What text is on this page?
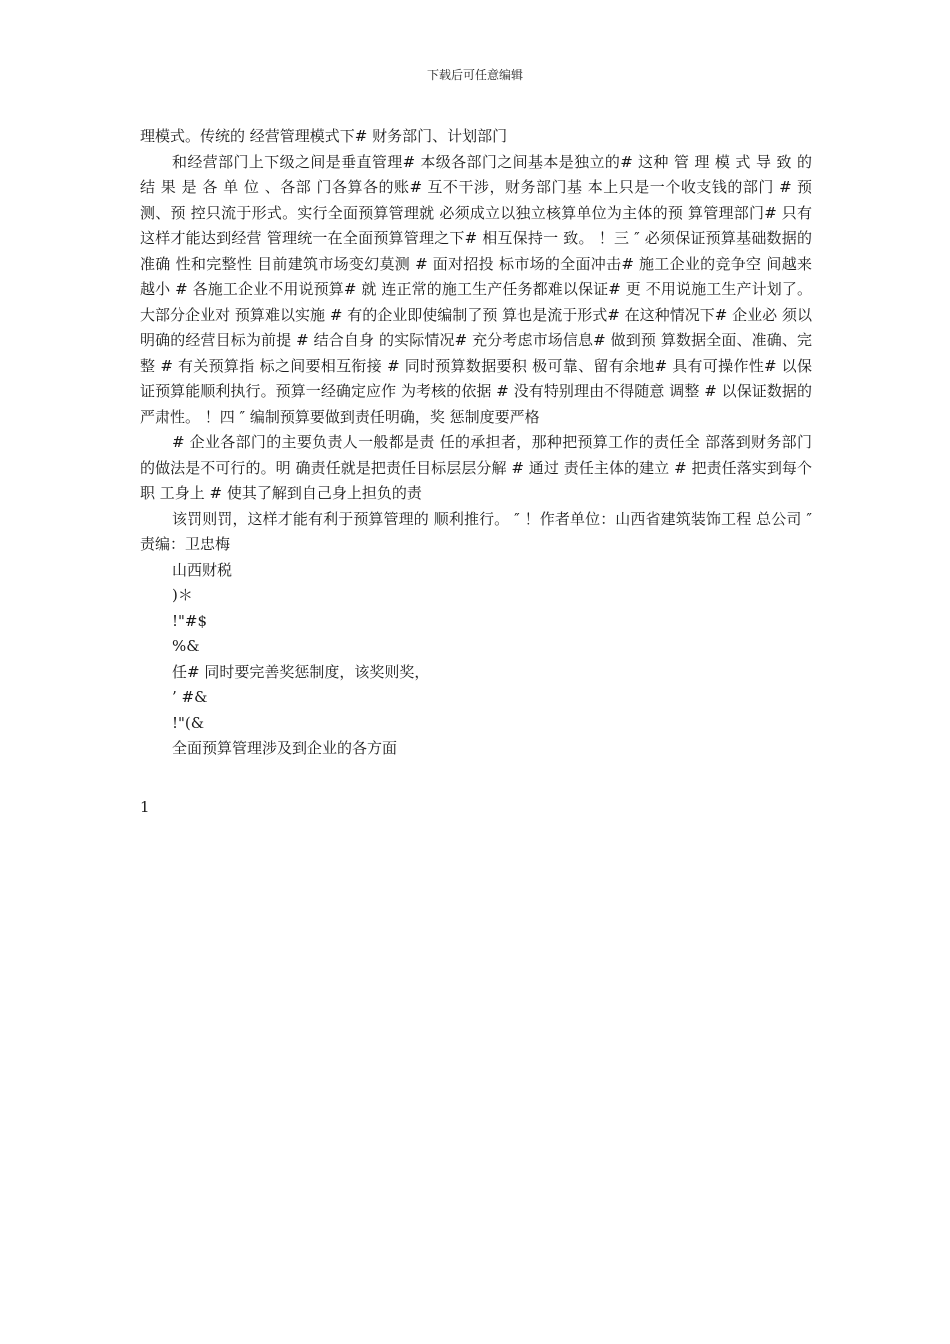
下载后可任意编辑

理模式。传统的 经营管理模式下# 财务部门、计划部门

和经营部门上下级之间是垂直管理# 本级各部门之间基本是独立的# 这种 管 理 模 式 导 致 的 结 果 是 各 单 位 、各部 门各算各的账# 互不干涉，财务部门基 本上只是一个收支钱的部门 # 预测、预 控只流于形式。实行全面预算管理就 必须成立以独立核算单位为主体的预 算管理部门# 只有这样才能达到经营 管理统一在全面预算管理之下# 相互保持一 致。 ！三 ″ 必须保证预算基础数据的准确 性和完整性 目前建筑市场变幻莫测 # 面对招投 标市场的全面冲击# 施工企业的竞争空 间越来越小 # 各施工企业不用说预算# 就 连正常的施工生产任务都难以保证# 更 不用说施工生产计划了。大部分企业对 预算难以实施 # 有的企业即使编制了预 算也是流于形式# 在这种情况下# 企业必 须以明确的经营目标为前提 # 结合自身 的实际情况# 充分考虑市场信息# 做到预 算数据全面、准确、完整 # 有关预算指 标之间要相互衔接 # 同时预算数据要积 极可靠、留有余地# 具有可操作性# 以保 证预算能顺利执行。预算一经确定应作 为考核的依据 # 没有特别理由不得随意 调整 # 以保证数据的严肃性。 ！四 ″ 编制预算要做到责任明确，奖 惩制度要严格

# 企业各部门的主要负责人一般都是责 任的承担者，那种把预算工作的责任全 部落到财务部门的做法是不可行的。明 确责任就是把责任目标层层分解 # 通过 责任主体的建立 # 把责任落实到每个职 工身上 # 使其了解到自己身上担负的责

该罚则罚，这样才能有利于预算管理的 顺利推行。 ″ ！作者单位：山西省建筑装饰工程 总公司 ″ 责编：卫忠梅

山西财税

)＊

!"#$

%&

任# 同时要完善奖惩制度，该奖则奖，

’ #&

!"(&

全面预算管理涉及到企业的各方面

1
